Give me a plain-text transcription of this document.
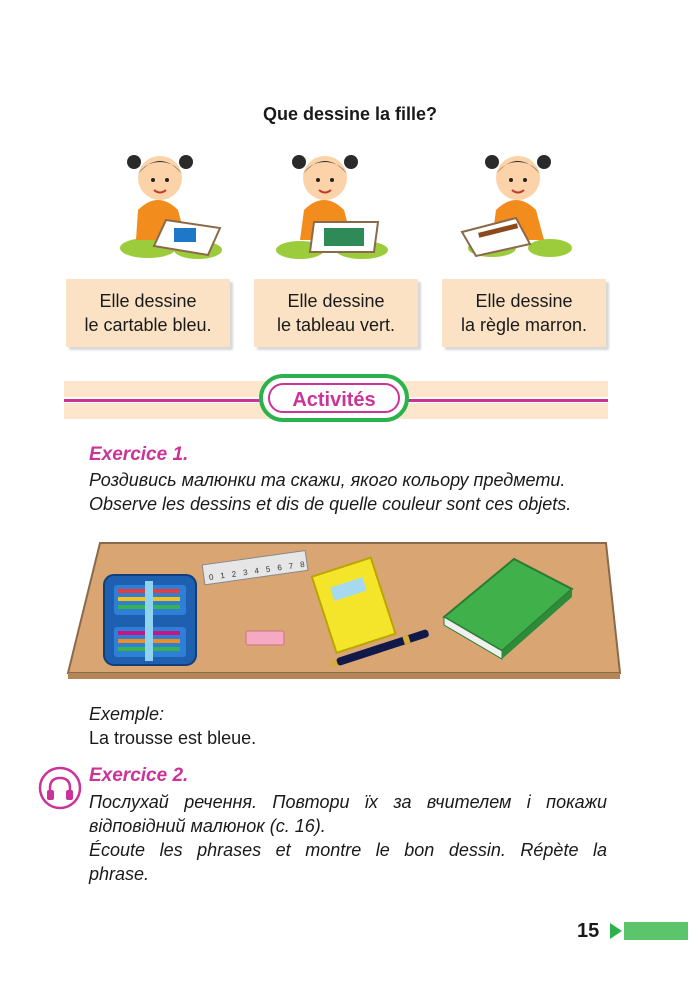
Que dessine la fille?
Elle dessine
le cartable bleu.
Elle dessine
le tableau vert.
Elle dessine
la règle marron.
Activités
Exercice 1.
Роздивись малюнки та скажи, якого кольору предмети.
Observe les dessins et dis de quelle couleur sont ces objets.
0 1 2 3 4 5 6 7 8
Exemple:
La trousse est bleue.
Exercice 2.
Послухай речення. Повтори їх за вчителем і покажи
відповідний малюнок (с. 16).
Écoute les phrases et montre le bon dessin. Répète la
phrase.
15
